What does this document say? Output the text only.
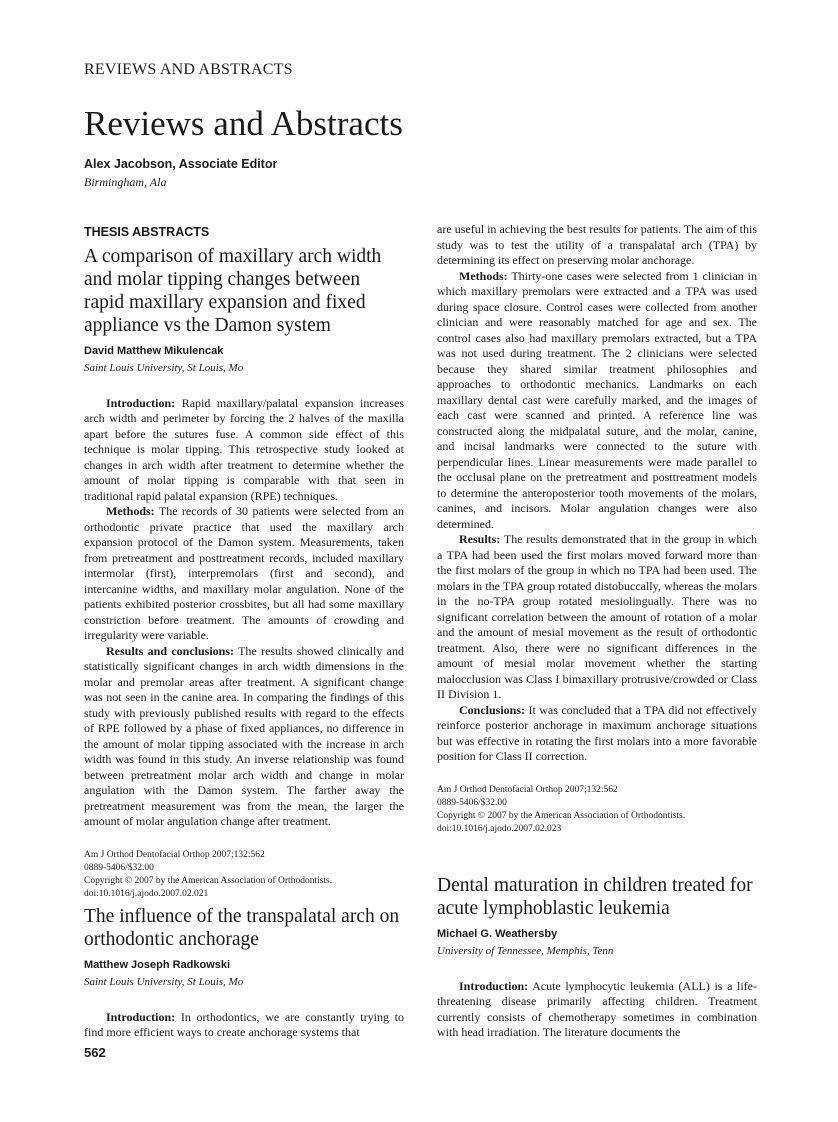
REVIEWS AND ABSTRACTS
Reviews and Abstracts
Alex Jacobson, Associate Editor
Birmingham, Ala
THESIS ABSTRACTS
A comparison of maxillary arch width and molar tipping changes between rapid maxillary expansion and fixed appliance vs the Damon system
David Matthew Mikulencak
Saint Louis University, St Louis, Mo

Introduction: Rapid maxillary/palatal expansion increases arch width and perimeter by forcing the 2 halves of the maxilla apart before the sutures fuse. A common side effect of this technique is molar tipping. This retrospective study looked at changes in arch width after treatment to determine whether the amount of molar tipping is comparable with that seen in traditional rapid palatal expansion (RPE) techniques.

Methods: The records of 30 patients were selected from an orthodontic private practice that used the maxillary arch expansion protocol of the Damon system. Measurements, taken from pretreatment and posttreatment records, included maxillary intermolar (first), interpremolars (first and second), and intercanine widths, and maxillary molar angulation. None of the patients exhibited posterior crossbites, but all had some maxillary constriction before treatment. The amounts of crowding and irregularity were variable.

Results and conclusions: The results showed clinically and statistically significant changes in arch width dimensions in the molar and premolar areas after treatment. A significant change was not seen in the canine area. In comparing the findings of this study with previously published results with regard to the effects of RPE followed by a phase of fixed appliances, no difference in the amount of molar tipping associated with the increase in arch width was found in this study. An inverse relationship was found between pretreatment molar arch width and change in molar angulation with the Damon system. The farther away the pretreatment measurement was from the mean, the larger the amount of molar angulation change after treatment.

Am J Orthod Dentofacial Orthop 2007;132:562
0889-5406/$32.00
Copyright © 2007 by the American Association of Orthodontists.
doi:10.1016/j.ajodo.2007.02.021
The influence of the transpalatal arch on orthodontic anchorage
Matthew Joseph Radkowski
Saint Louis University, St Louis, Mo

Introduction: In orthodontics, we are constantly trying to find more efficient ways to create anchorage systems that

are useful in achieving the best results for patients. The aim of this study was to test the utility of a transpalatal arch (TPA) by determining its effect on preserving molar anchorage.

Methods: Thirty-one cases were selected from 1 clinician in which maxillary premolars were extracted and a TPA was used during space closure. Control cases were collected from another clinician and were reasonably matched for age and sex. The control cases also had maxillary premolars extracted, but a TPA was not used during treatment. The 2 clinicians were selected because they shared similar treatment philosophies and approaches to orthodontic mechanics. Landmarks on each maxillary dental cast were carefully marked, and the images of each cast were scanned and printed. A reference line was constructed along the midpalatal suture, and the molar, canine, and incisal landmarks were connected to the suture with perpendicular lines. Linear measurements were made parallel to the occlusal plane on the pretreatment and posttreatment models to determine the anteroposterior tooth movements of the molars, canines, and incisors. Molar angulation changes were also determined.

Results: The results demonstrated that in the group in which a TPA had been used the first molars moved forward more than the first molars of the group in which no TPA had been used. The molars in the TPA group rotated distobuccally, whereas the molars in the no-TPA group rotated mesiolingually. There was no significant correlation between the amount of rotation of a molar and the amount of mesial movement as the result of orthodontic treatment. Also, there were no significant differences in the amount of mesial molar movement whether the starting malocclusion was Class I bimaxillary protrusive/crowded or Class II Division 1.

Conclusions: It was concluded that a TPA did not effectively reinforce posterior anchorage in maximum anchorage situations but was effective in rotating the first molars into a more favorable position for Class II correction.

Am J Orthod Dentofacial Orthop 2007;132:562
0889-5406/$32.00
Copyright © 2007 by the American Association of Orthodontists.
doi:10.1016/j.ajodo.2007.02.023
Dental maturation in children treated for acute lymphoblastic leukemia
Michael G. Weathersby
University of Tennessee, Memphis, Tenn

Introduction: Acute lymphocytic leukemia (ALL) is a life-threatening disease primarily affecting children. Treatment currently consists of chemotherapy sometimes in combination with head irradiation. The literature documents the

562
